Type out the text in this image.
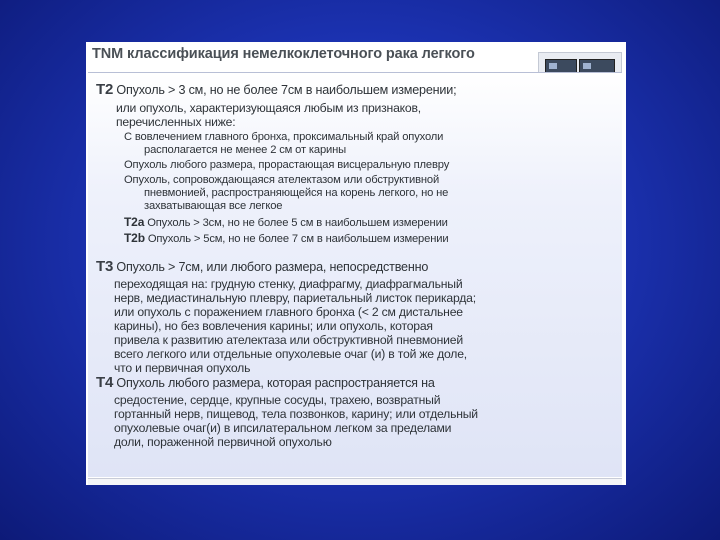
TNM классификация немелкоклеточного рака легкого
T2 Опухоль > 3 см, но не более 7см в наибольшем измерении;
или опухоль, характеризующаяся любым из признаков,
перечисленных ниже:
С вовлечением главного бронха, проксимальный край опухоли
располагается не менее 2 см от карины
Опухоль любого размера, прорастающая висцеральную плевру
Опухоль, сопровождающаяся ателектазом или обструктивной
пневмонией, распространяющейся на корень легкого, но не
захватывающая все легкое
T2a Опухоль > 3см, но не более 5 см в наибольшем измерении
T2b Опухоль > 5см, но не более 7 см в наибольшем измерении
T3 Опухоль > 7см, или любого размера, непосредственно
переходящая на: грудную стенку, диафрагму, диафрагмальный
нерв, медиастинальную плевру, париетальный листок перикарда;
или опухоль с поражением главного бронха (< 2 см дистальнее
карины), но без вовлечения карины; или опухоль, которая
привела к развитию ателектаза или обструктивной пневмонией
всего легкого или отдельные опухолевые очаг (и) в той же доле,
что и первичная опухоль
T4 Опухоль любого размера, которая распространяется на
средостение, сердце, крупные сосуды, трахею, возвратный
гортанный нерв, пищевод, тела позвонков, карину; или отдельный
опухолевые очаг(и) в ипсилатеральном легком за пределами
доли, пораженной первичной опухолью
